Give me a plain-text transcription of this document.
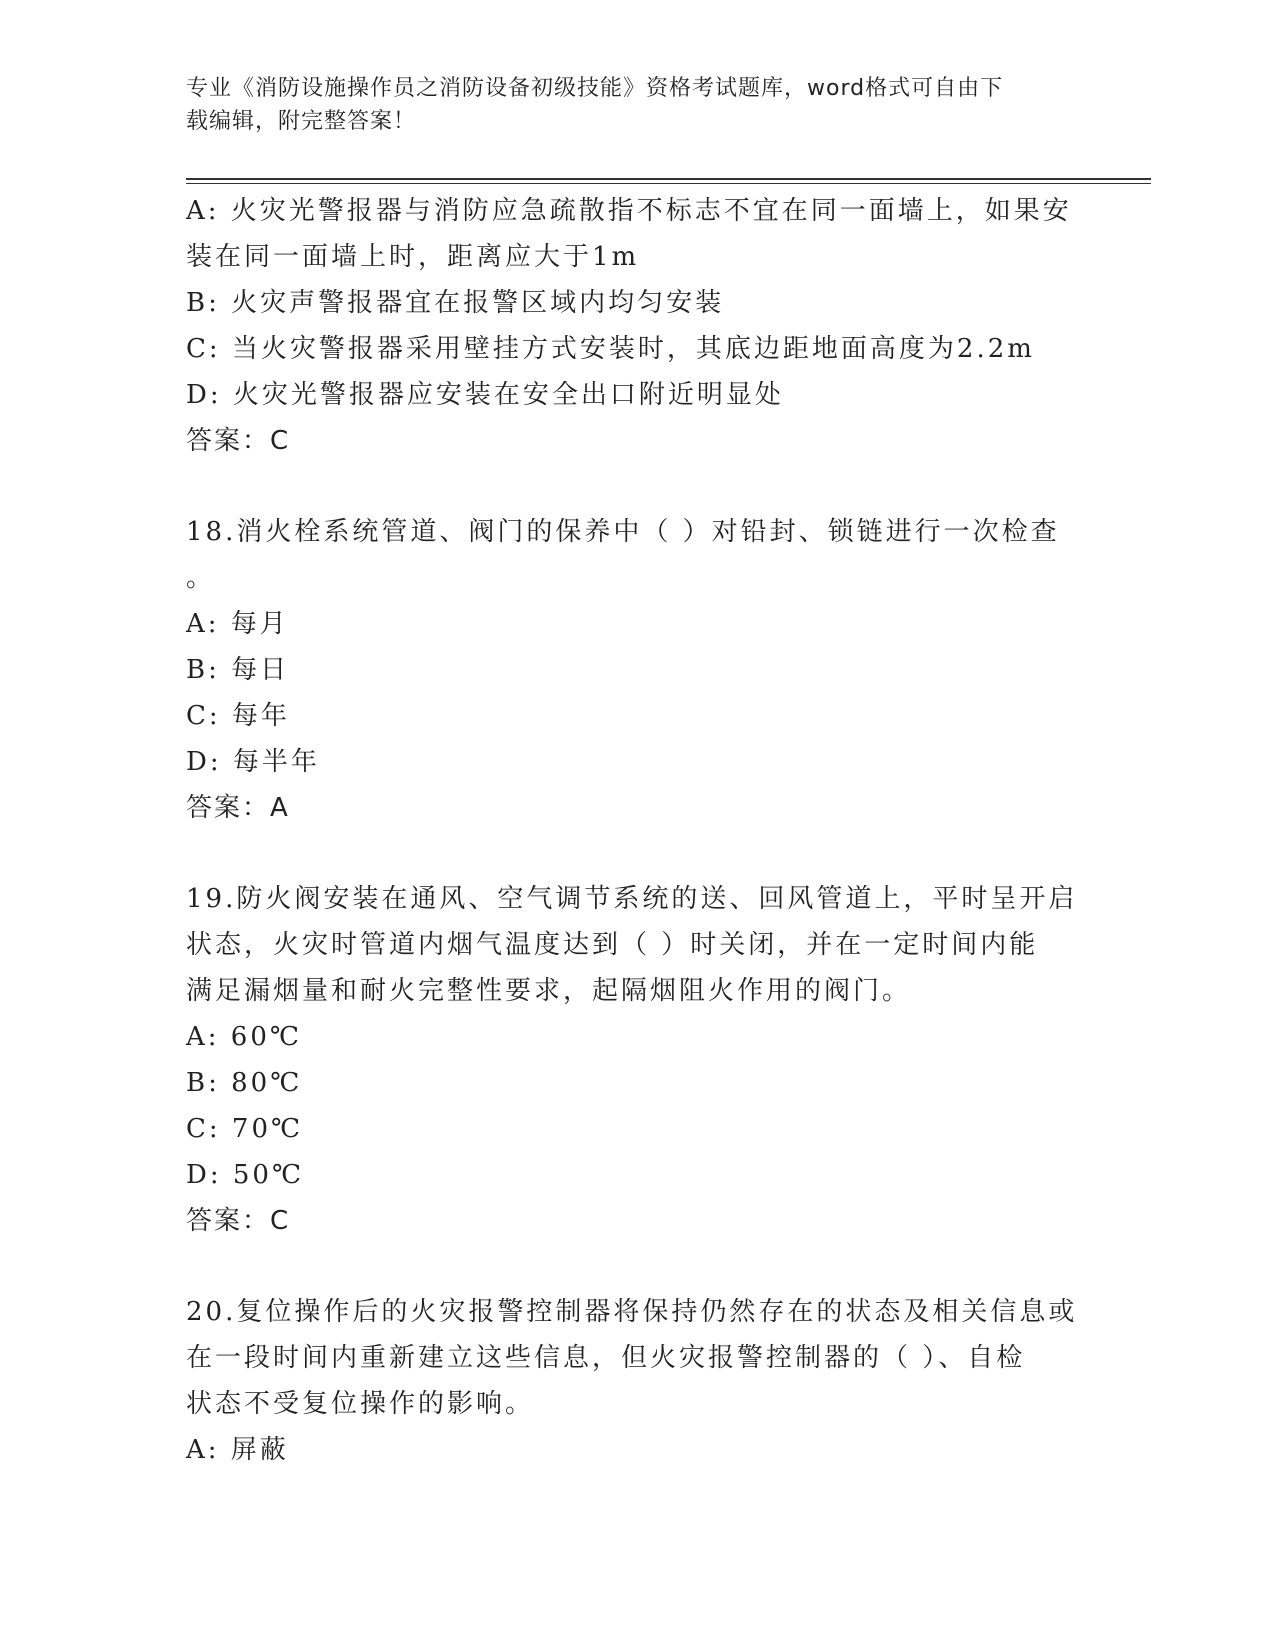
专业《消防设施操作员之消防设备初级技能》资格考试题库，word格式可自由下
载编辑，附完整答案！
A: 火灾光警报器与消防应急疏散指不标志不宜在同一面墙上，如果安
装在同一面墙上时，距离应大于1m
B: 火灾声警报器宜在报警区域内均匀安装
C: 当火灾警报器采用壁挂方式安装时，其底边距地面高度为2.2m
D: 火灾光警报器应安装在安全出口附近明显处
答案：C
18.消火栓系统管道、阀门的保养中（ ）对铅封、锁链进行一次检查
。
A: 每月
B: 每日
C: 每年
D: 每半年
答案：A
19.防火阀安装在通风、空气调节系统的送、回风管道上，平时呈开启
状态，火灾时管道内烟气温度达到（ ）时关闭，并在一定时间内能
满足漏烟量和耐火完整性要求，起隔烟阻火作用的阀门。
A: 60℃
B: 80℃
C: 70℃
D: 50℃
答案：C
20.复位操作后的火灾报警控制器将保持仍然存在的状态及相关信息或
在一段时间内重新建立这些信息，但火灾报警控制器的（ ）、自检
状态不受复位操作的影响。
A: 屏蔽
